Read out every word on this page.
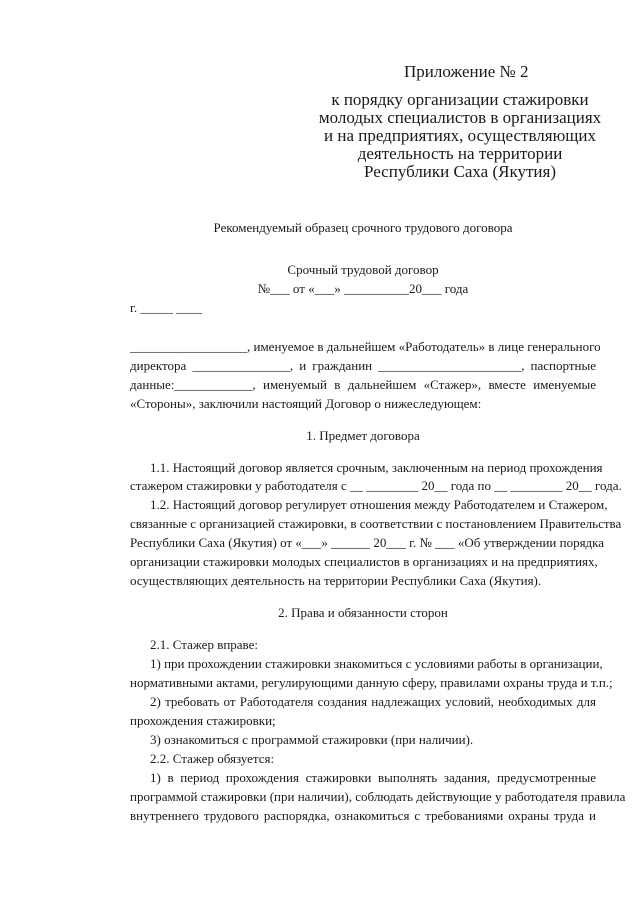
Приложение № 2
к порядку организации стажировки
молодых специалистов в организациях
и на предприятиях, осуществляющих
деятельность на территории
Республики Саха (Якутия)
Рекомендуемый образец срочного трудового договора
Срочный трудовой договор
№___ от «___» __________20___ года
г. _____ ____
__________________, именуемое в дальнейшем «Работодатель» в лице генерального
директора _______________, и гражданин ______________________, паспортные
данные:____________, именуемый в дальнейшем «Стажер», вместе именуемые
«Стороны», заключили настоящий Договор о нижеследующем:
1. Предмет договора
1.1. Настоящий договор является срочным, заключенным на период прохождения
стажером стажировки у работодателя с __ ________ 20__ года по __ ________ 20__ года.
1.2. Настоящий договор регулирует отношения между Работодателем и Стажером,
связанные с организацией стажировки, в соответствии с постановлением Правительства
Республики Саха (Якутия) от «___» ______ 20___ г. № ___ «Об утверждении порядка
организации стажировки молодых специалистов в организациях и на предприятиях,
осуществляющих деятельность на территории Республики Саха (Якутия).
2. Права и обязанности сторон
2.1. Стажер вправе:
1) при прохождении стажировки знакомиться с условиями работы в организации,
нормативными актами, регулирующими данную сферу, правилами охраны труда и т.п.;
2) требовать от Работодателя создания надлежащих условий, необходимых для
прохождения стажировки;
3) ознакомиться с программой стажировки (при наличии).
2.2. Стажер обязуется:
1) в период прохождения стажировки выполнять задания, предусмотренные
программой стажировки (при наличии), соблюдать действующие у работодателя правила
внутреннего трудового распорядка, ознакомиться с требованиями охраны труда и
